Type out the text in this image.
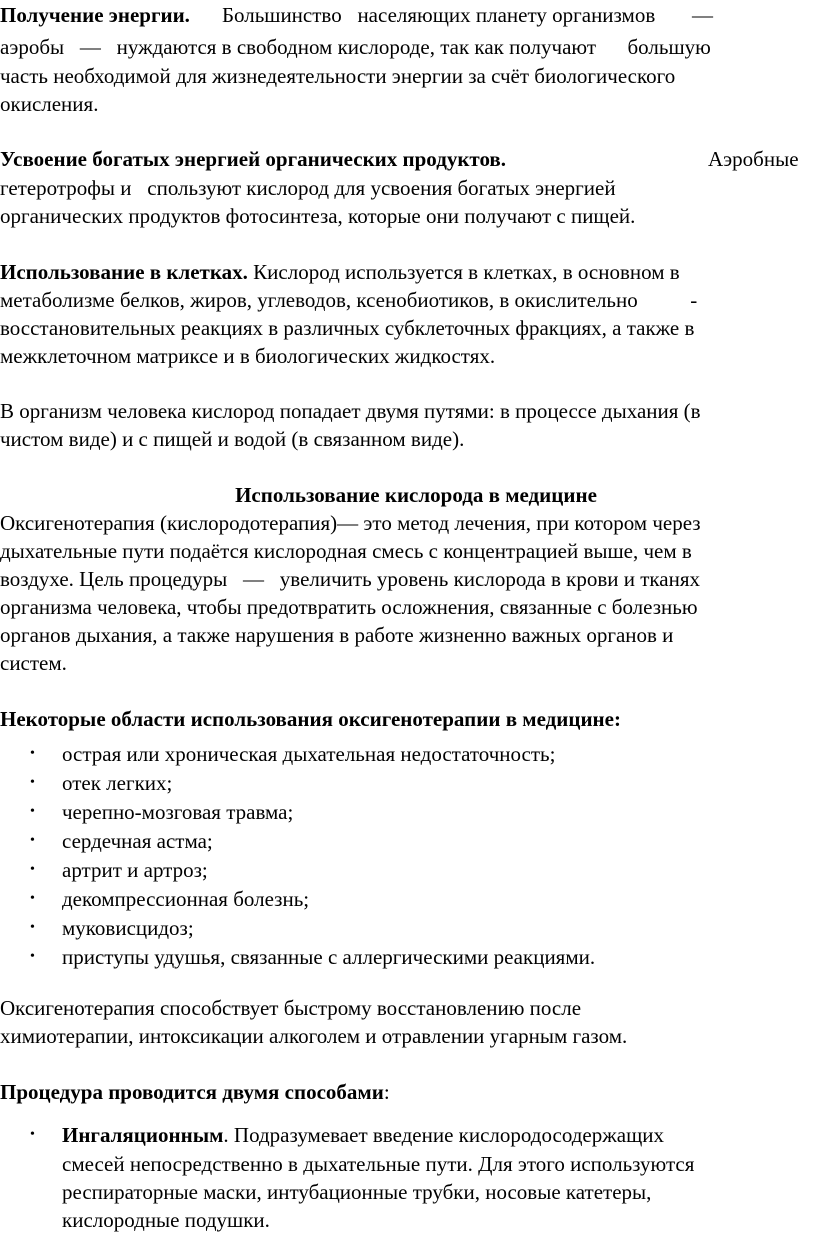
Получение энергии. Большинство   населяющих планету организмов       —
аэробы   —   нуждаются в свободном кислороде, так как получают      большую
часть необходимой для жизнедеятельности энергии за счёт биологического
окисления.
Усвоение богатых энергией органических продуктов.	Аэробные
гетеротрофы и   спользуют кислород для усвоения богатых энергией
органических продуктов фотосинтеза, которые они получают с пищей.
Использование в клетках. Кислород используется в клетках, в основном в
метаболизме белков, жиров, углеводов, ксенобиотиков, в окислительно          -
восстановительных реакциях в различных субклеточных фракциях, а также в
межклеточном матриксе и в биологических жидкостях.
В организм человека кислород попадает двумя путями: в процессе дыхания (в
чистом виде) и с пищей и водой (в связанном виде).
Использование кислорода в медицине
Оксигенотерапия (кислородотерапия)— это метод лечения, при котором через
дыхательные пути подаётся кислородная смесь с концентрацией выше, чем в
воздухе. Цель процедуры   —   увеличить уровень кислорода в крови и тканях
организма человека, чтобы предотвратить осложнения, связанные с болезнью
органов дыхания, а также нарушения в работе жизненно важных органов и
систем.
Некоторые области использования оксигенотерапии в медицине:
• острая или хроническая дыхательная недостаточность;
• отек легких;
• черепно-мозговая травма;
• сердечная астма;
• артрит и артроз;
• декомпрессионная болезнь;
• муковисцидоз;
• приступы удушья, связанные с аллергическими реакциями.
Оксигенотерапия способствует быстрому восстановлению после
химиотерапии, интоксикации алкоголем и отравлении угарным газом.
Процедура проводится двумя способами:
• Ингаляционным. Подразумевает введение кислородосодержащих
смесей непосредственно в дыхательные пути. Для этого используются
респираторные маски, интубационные трубки, носовые катетеры,
кислородные подушки.
